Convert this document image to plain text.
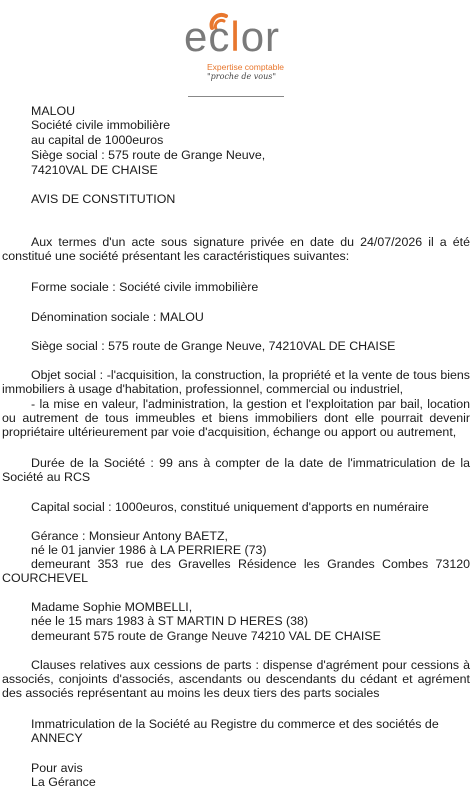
eclor
Expertise comptable
"proche de vous"

MALOU

Société civile immobilière

au capital de 1000euros

Siège social : 575 route de Grange Neuve,

74210VAL DE CHAISE

AVIS DE CONSTITUTION

Aux termes d'un acte sous signature privée en date du 24/07/2026 il a été constitué une société présentant les caractéristiques suivantes:

Forme sociale : Société civile immobilière

Dénomination sociale : MALOU

Siège social : 575 route de Grange Neuve, 74210VAL DE CHAISE

Objet social : -l'acquisition, la construction, la propriété et la vente de tous biens immobiliers à usage d'habitation, professionnel, commercial ou industriel,

- la mise en valeur, l'administration, la gestion et l'exploitation par bail, location ou autrement de tous immeubles et biens immobiliers dont elle pourrait devenir propriétaire ultérieurement par voie d'acquisition, échange ou apport ou autrement,

Durée de la Société : 99 ans à compter de la date de l'immatriculation de la Société au RCS

Capital social : 1000euros, constitué uniquement d'apports en numéraire

Gérance : Monsieur Antony BAETZ,

né le 01 janvier 1986 à LA PERRIERE (73)

demeurant 353 rue des Gravelles Résidence les Grandes Combes 73120 COURCHEVEL

Madame Sophie MOMBELLI,

née le 15 mars 1983 à ST MARTIN D HERES (38)

demeurant 575 route de Grange Neuve 74210 VAL DE CHAISE

Clauses relatives aux cessions de parts : dispense d'agrément pour cessions à associés, conjoints d'associés, ascendants ou descendants du cédant et agrément des associés représentant au moins les deux tiers des parts sociales

Immatriculation de la Société au Registre du commerce et des sociétés de ANNECY

Pour avis

La Gérance
